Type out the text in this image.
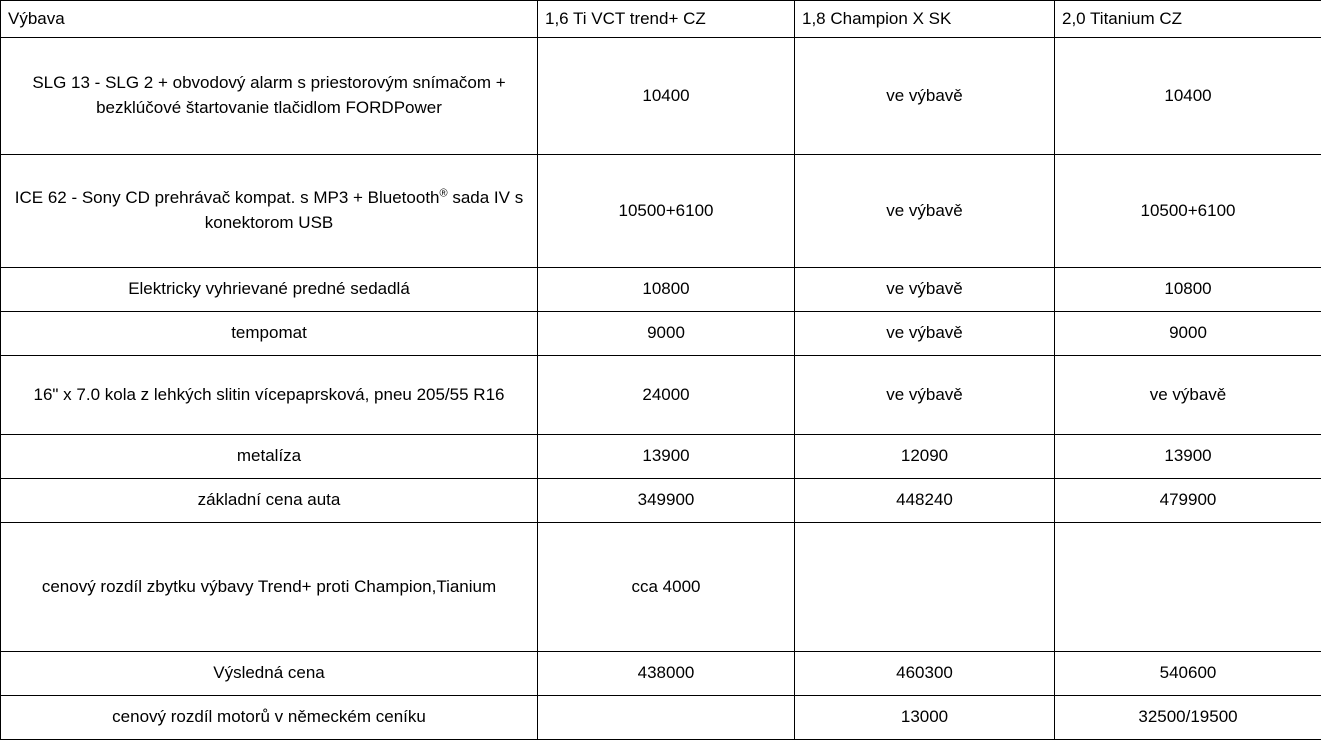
Výbava	1,6 Ti VCT trend+ CZ	1,8 Champion X SK	2,0 Titanium CZ
SLG 13 - SLG 2 + obvodový alarm s priestorovým snímačom + bezklúčové štartovanie tlačidlom FORDPower	10400	ve výbavě	10400
ICE 62 - Sony CD prehrávač kompat. s MP3 + Bluetooth® sada IV s konektorom USB	10500+6100	ve výbavě	10500+6100
Elektricky vyhrievané predné sedadlá	10800	ve výbavě	10800
tempomat	9000	ve výbavě	9000
16" x 7.0 kola z lehkých slitin vícepaprsková, pneu 205/55 R16	24000	ve výbavě	ve výbavě
metalíza	13900	12090	13900
základní cena auta	349900	448240	479900
cenový rozdíl zbytku výbavy Trend+ proti Champion,Tianium	cca 4000		
Výsledná cena	438000	460300	540600
cenový rozdíl motorů v německém ceníku		13000	32500/19500
